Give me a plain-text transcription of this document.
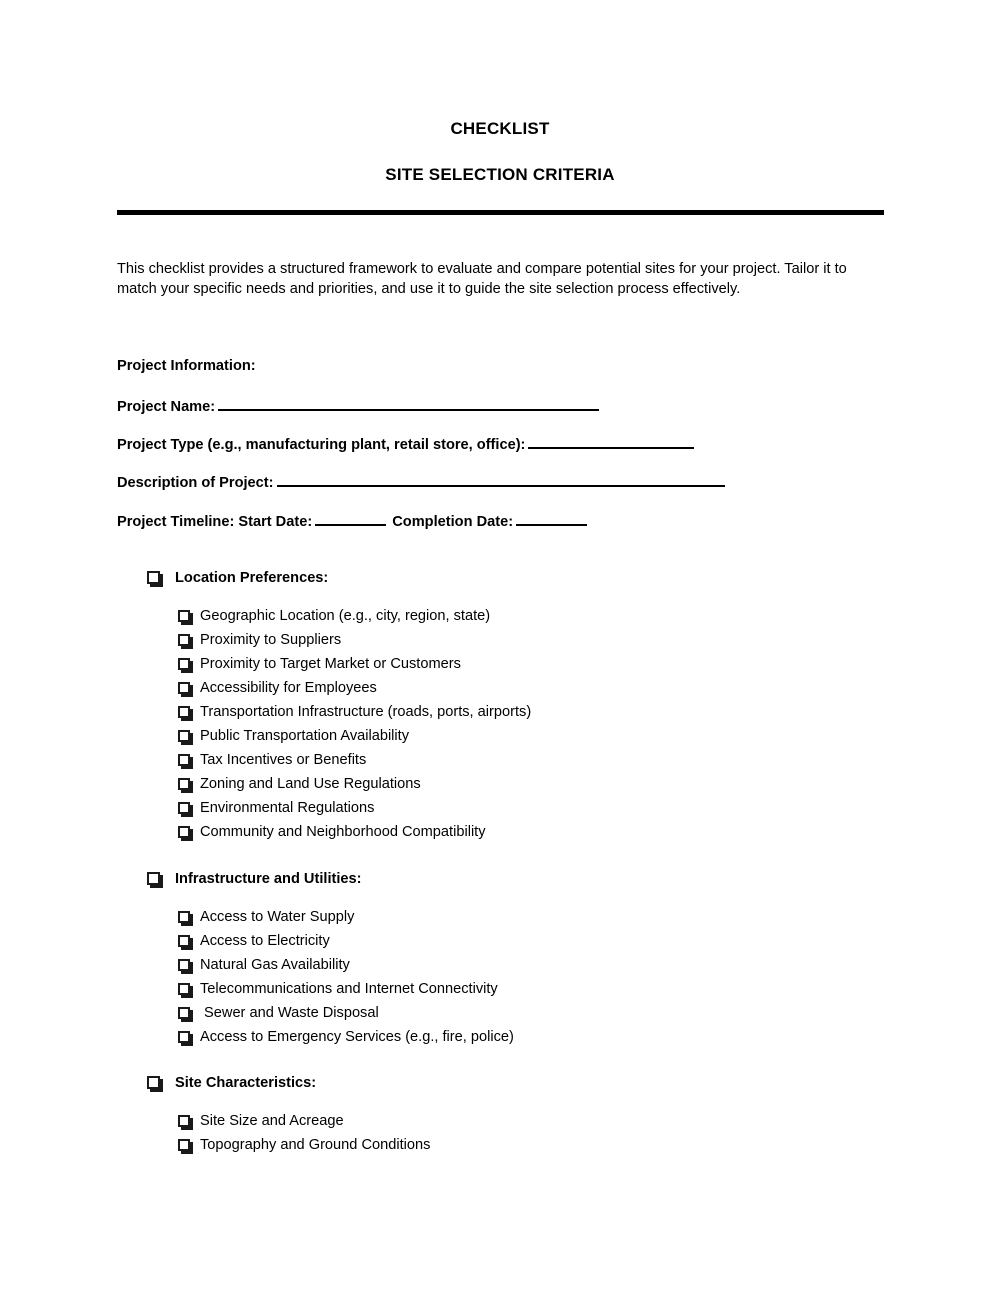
CHECKLIST
SITE SELECTION CRITERIA
This checklist provides a structured framework to evaluate and compare potential sites for your project. Tailor it to match your specific needs and priorities, and use it to guide the site selection process effectively.
Project Information:
Project Name:
Project Type (e.g., manufacturing plant, retail store, office):
Description of Project:
Project Timeline: Start Date:	Completion Date:
Location Preferences:
Geographic Location (e.g., city, region, state)
Proximity to Suppliers
Proximity to Target Market or Customers
Accessibility for Employees
Transportation Infrastructure (roads, ports, airports)
Public Transportation Availability
Tax Incentives or Benefits
Zoning and Land Use Regulations
Environmental Regulations
Community and Neighborhood Compatibility
Infrastructure and Utilities:
Access to Water Supply
Access to Electricity
Natural Gas Availability
Telecommunications and Internet Connectivity
Sewer and Waste Disposal
Access to Emergency Services (e.g., fire, police)
Site Characteristics:
Site Size and Acreage
Topography and Ground Conditions
